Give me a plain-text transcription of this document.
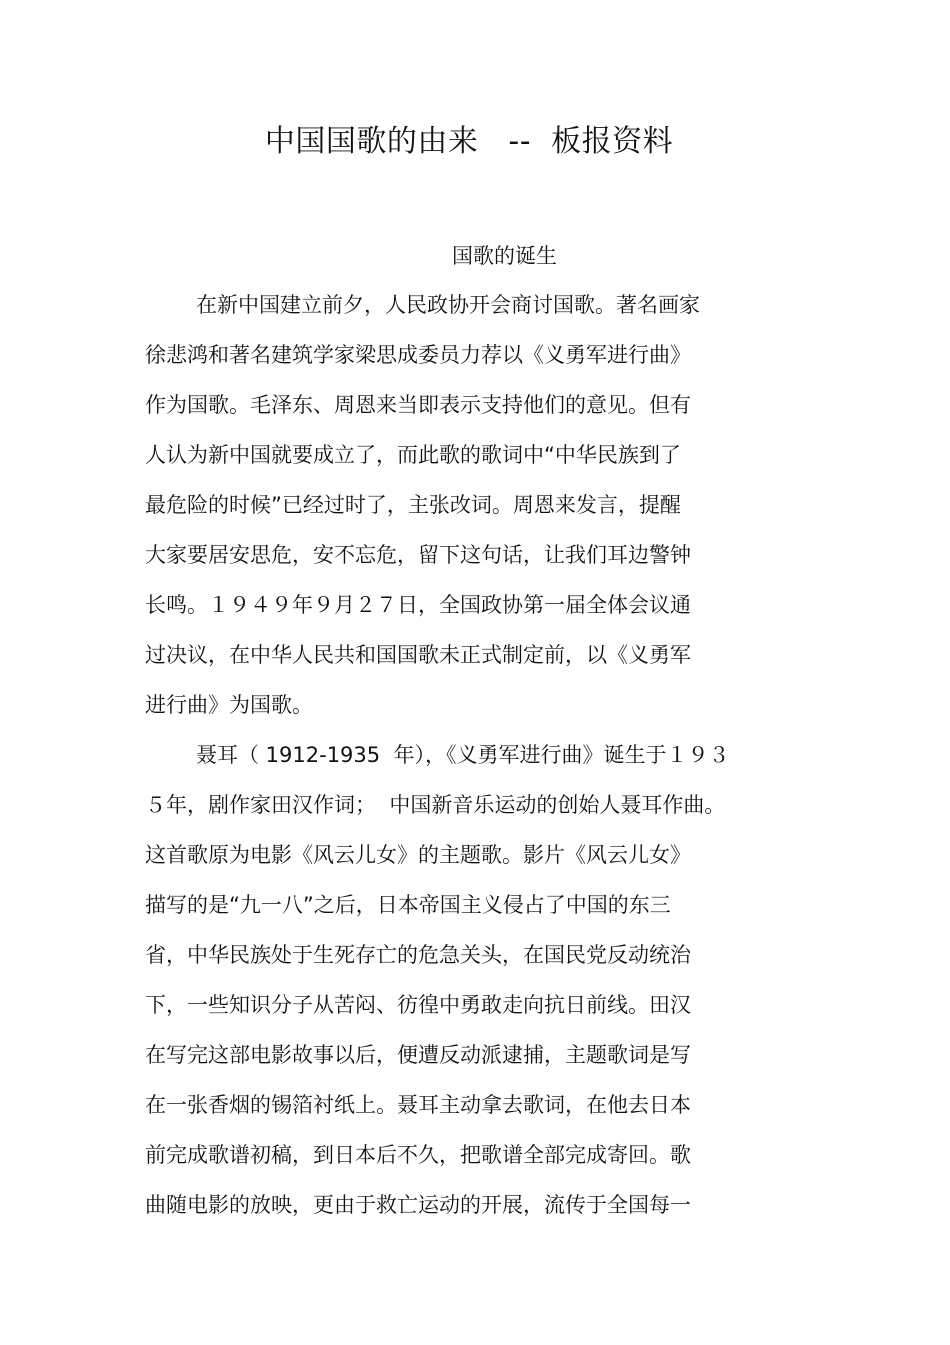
中国国歌的由来   --  板报资料
国歌的诞生
在新中国建立前夕，人民政协开会商讨国歌。著名画家
徐悲鸿和著名建筑学家梁思成委员力荐以《义勇军进行曲》
作为国歌。毛泽东、周恩来当即表示支持他们的意见。但有
人认为新中国就要成立了，而此歌的歌词中“中华民族到了
最危险的时候”已经过时了，主张改词。周恩来发言，提醒
大家要居安思危，安不忘危，留下这句话，让我们耳边警钟
长鸣。１９４９年９月２７日，全国政协第一届全体会议通
过决议，在中华人民共和国国歌未正式制定前，以《义勇军
进行曲》为国歌。
聂耳（ 1912-1935  年），《义勇军进行曲》诞生于１９３
５年，剧作家田汉作词；  中国新音乐运动的创始人聂耳作曲。
这首歌原为电影《风云儿女》的主题歌。影片《风云儿女》
描写的是“九一八”之后，日本帝国主义侵占了中国的东三
省，中华民族处于生死存亡的危急关头，在国民党反动统治
下，一些知识分子从苦闷、彷徨中勇敢走向抗日前线。田汉
在写完这部电影故事以后，便遭反动派逮捕，主题歌词是写
在一张香烟的锡箔衬纸上。聂耳主动拿去歌词，在他去日本
前完成歌谱初稿，到日本后不久，把歌谱全部完成寄回。歌
曲随电影的放映，更由于救亡运动的开展，流传于全国每一
